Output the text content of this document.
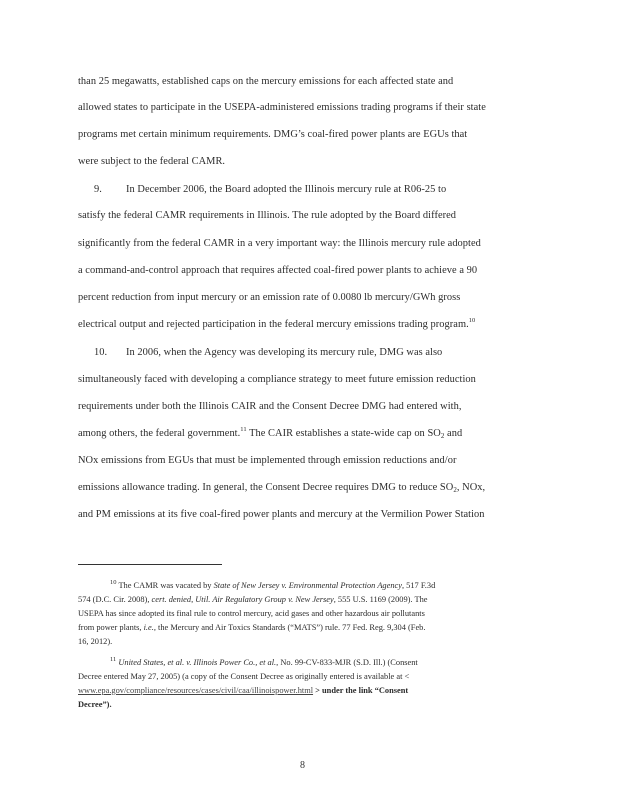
than 25 megawatts, established caps on the mercury emissions for each affected state and
allowed states to participate in the USEPA-administered emissions trading programs if their state
programs met certain minimum requirements. DMG’s coal-fired power plants are EGUs that
were subject to the federal CAMR.
9. In December 2006, the Board adopted the Illinois mercury rule at R06-25 to
satisfy the federal CAMR requirements in Illinois. The rule adopted by the Board differed
significantly from the federal CAMR in a very important way: the Illinois mercury rule adopted
a command-and-control approach that requires affected coal-fired power plants to achieve a 90
percent reduction from input mercury or an emission rate of 0.0080 lb mercury/GWh gross
electrical output and rejected participation in the federal mercury emissions trading program.$^{10}$
10. In 2006, when the Agency was developing its mercury rule, DMG was also
simultaneously faced with developing a compliance strategy to meet future emission reduction
requirements under both the Illinois CAIR and the Consent Decree DMG had entered with,
among others, the federal government.$^{11}$ The CAIR establishes a state-wide cap on SO2 and
NOx emissions from EGUs that must be implemented through emission reductions and/or
emissions allowance trading. In general, the Consent Decree requires DMG to reduce SO2, NOx,
and PM emissions at its five coal-fired power plants and mercury at the Vermilion Power Station
$^{10}$ The CAMR was vacated by State of New Jersey v. Environmental Protection Agency, 517 F.3d
574 (D.C. Cir. 2008), cert. denied, Util. Air Regulatory Group v. New Jersey, 555 U.S. 1169 (2009). The
USEPA has since adopted its final rule to control mercury, acid gases and other hazardous air pollutants
from power plants, i.e., the Mercury and Air Toxics Standards (“MATS”) rule. 77 Fed. Reg. 9,304 (Feb.
16, 2012).
$^{11}$ United States, et al. v. Illinois Power Co., et al., No. 99-CV-833-MJR (S.D. Ill.) (Consent
Decree entered May 27, 2005) (a copy of the Consent Decree as originally entered is available at <
www.epa.gov/compliance/resources/cases/civil/caa/illinoispower.html > under the link “Consent
Decree”).
8
